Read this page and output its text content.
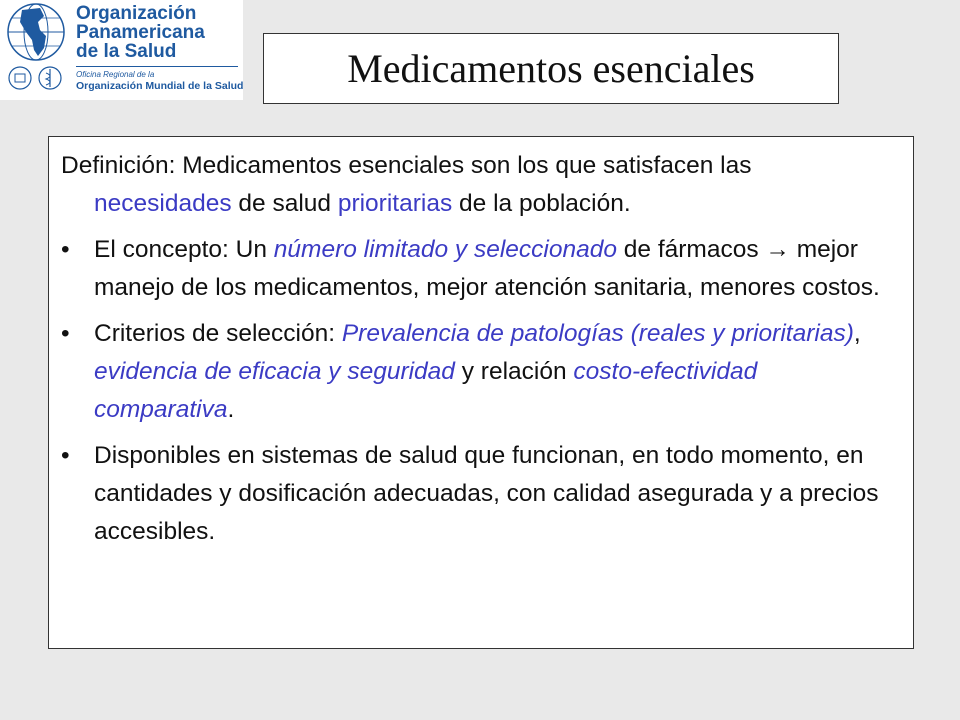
Organización
Panamericana
de la Salud
Oficina Regional de la
Organización Mundial de la Salud	Medicamentos esenciales
Definición: Medicamentos esenciales son los que satisfacen las necesidades de salud prioritarias de la población.
• El concepto: Un número limitado y seleccionado de fármacos → mejor manejo de los medicamentos, mejor atención sanitaria, menores costos.
• Criterios de selección: Prevalencia de patologías (reales y prioritarias), evidencia de eficacia y seguridad y relación costo-efectividad comparativa.
• Disponibles en sistemas de salud que funcionan, en todo momento, en cantidades y dosificación adecuadas, con calidad asegurada y a precios accesibles.
